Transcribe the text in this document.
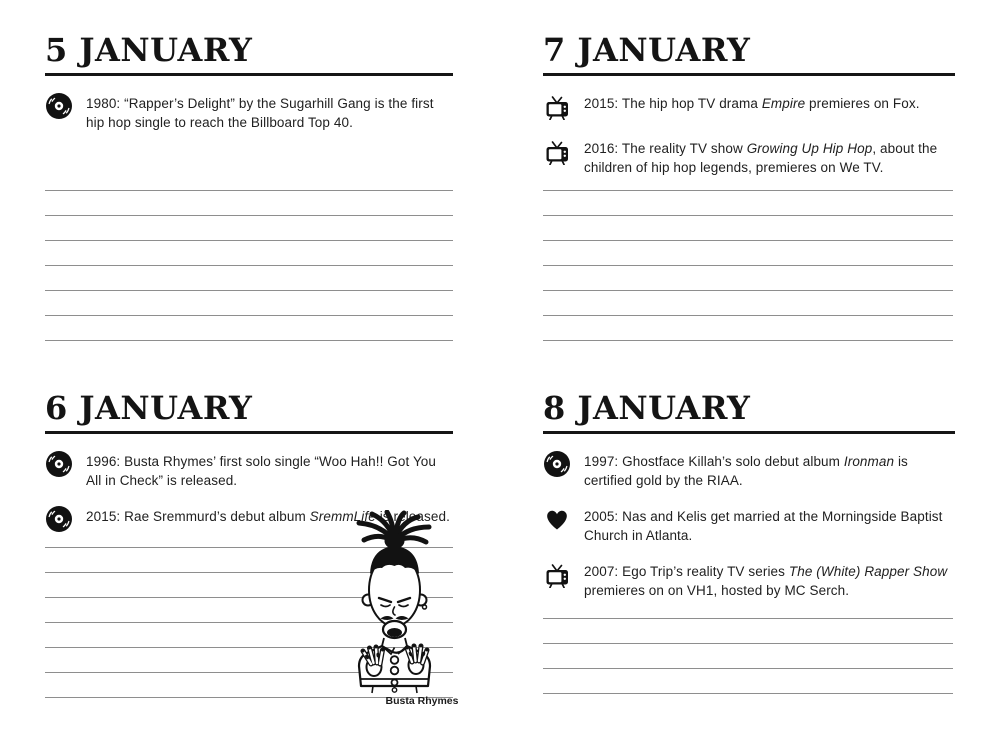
5 JANUARY
1980: “Rapper’s Delight” by the Sugarhill Gang is the first hip hop single to reach the Billboard Top 40.
7 JANUARY
2015: The hip hop TV drama Empire premieres on Fox.
2016: The reality TV show Growing Up Hip Hop, about the children of hip hop legends, premieres on We TV.
6 JANUARY
1996: Busta Rhymes’ first solo single “Woo Hah!! Got You All in Check” is released.
2015: Rae Sremmurd’s debut album SremmLife is released.
8 JANUARY
1997: Ghostface Killah’s solo debut album Ironman is certified gold by the RIAA.
2005: Nas and Kelis get married at the Morningside Baptist Church in Atlanta.
2007: Ego Trip’s reality TV series The (White) Rapper Show premieres on on VH1, hosted by MC Serch.
Busta Rhymes
